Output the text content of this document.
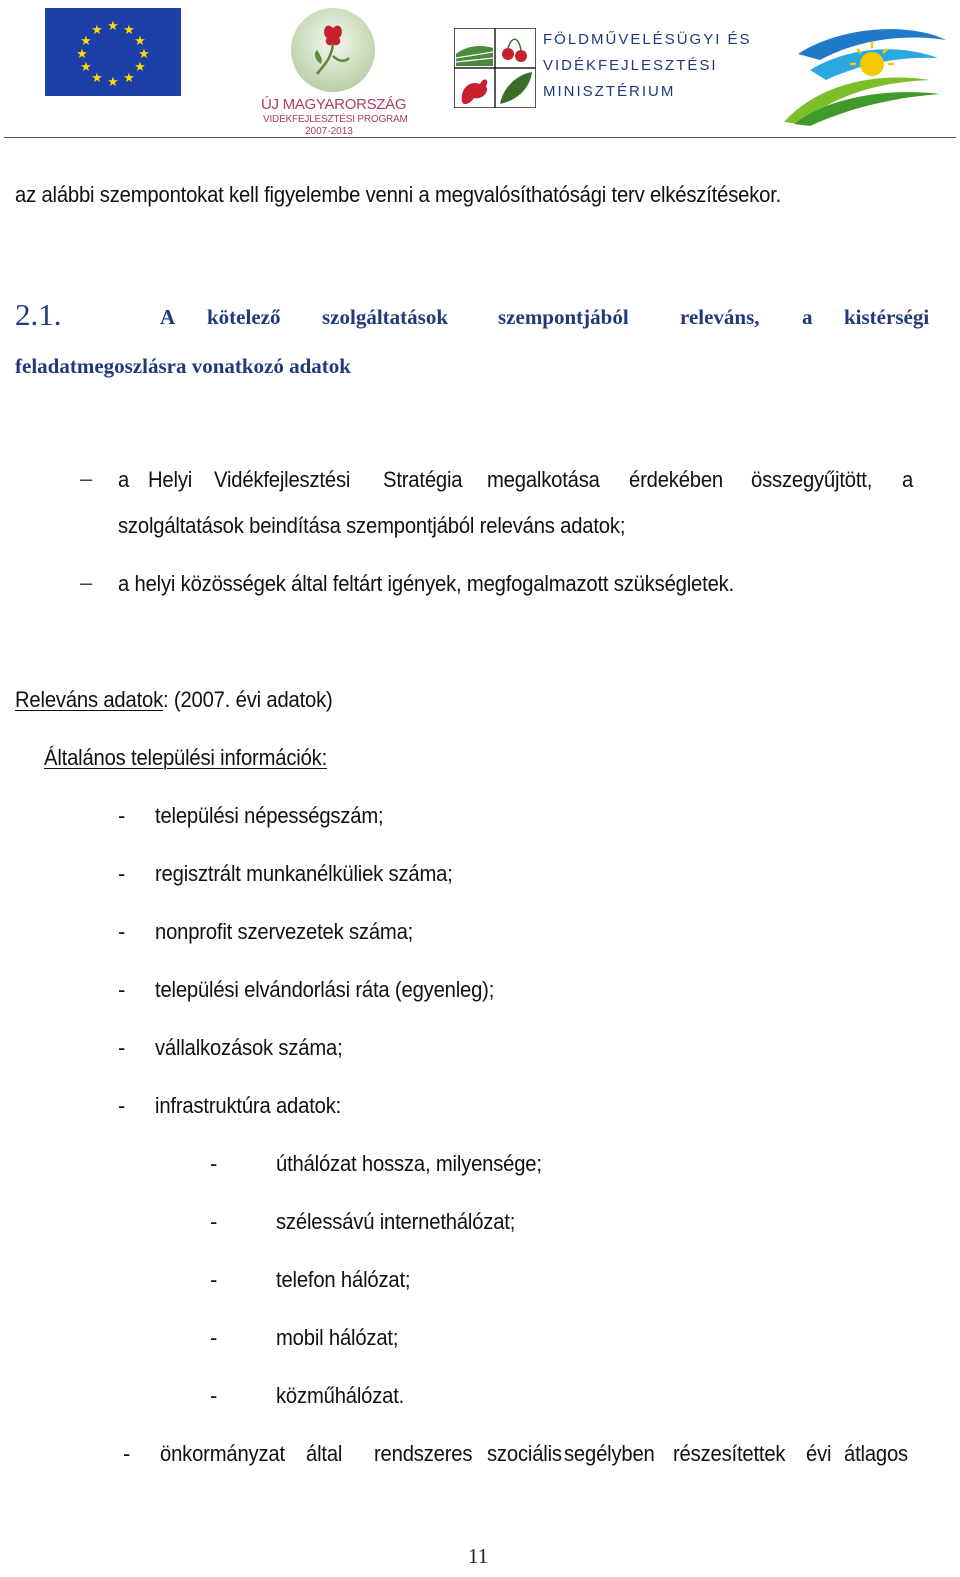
★ ★
★
★
★
★
★
★
★
★
★
★
ÚJ MAGYARORSZÁG
VIDÉKFEJLESZTÉSI PROGRAM
2007-2013
FÖLDMŰVELÉSÜGYI ÉS
VIDÉKFEJLESZTÉSI
MINISZTÉRIUM
az alábbi szempontokat kell figyelembe venni a megvalósíthatósági terv elkészítésekor.
2.1.	A kötelező szolgáltatások szempontjából releváns, a kistérségi
feladatmegoszlásra vonatkozó adatok
– a Helyi Vidékfejlesztési Stratégia megalkotása érdekében összegyűjtött, a
szolgáltatások beindítása szempontjából releváns adatok;
– a helyi közösségek által feltárt igények, megfogalmazott szükségletek.
Releváns adatok: (2007. évi adatok)
Általános települési információk:
- települési népességszám;
- regisztrált munkanélküliek száma;
- nonprofit szervezetek száma;
- települési elvándorlási ráta (egyenleg);
- vállalkozások száma;
- infrastruktúra adatok:
-	úthálózat hossza, milyensége;
-	szélessávú internethálózat;
-	telefon hálózat;
-	mobil hálózat;
-	közműhálózat.
- önkormányzat által rendszeres szociális segélyben részesítettek évi átlagos
11
